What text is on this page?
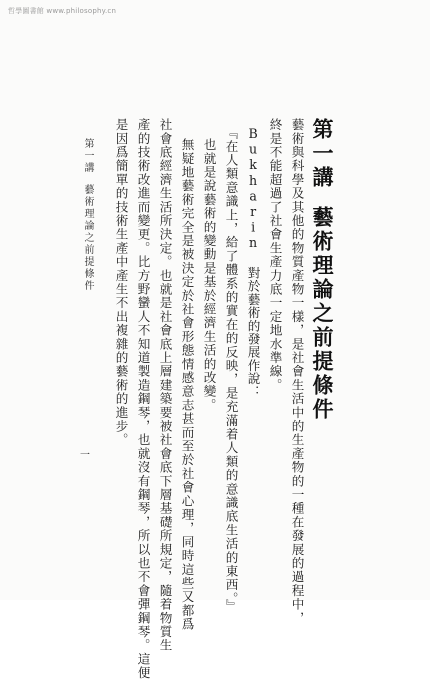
哲學圖書館 www.philosophy.cn
第一講藝術理論之前提條件
藝術與科學及其他的物質產物一樣，是社會生活中的生產物的一種在發展的過程中，
終是不能超過了社會生產力底一定地水準線。
Bukharin 對於藝術的發展作說：
『在人類意識上，給了體系的實在的反映，是充滿着人類的意識底生活的東西。』
也就是說藝術的變動是基於經濟生活的改變。
無疑地藝術完全是被決定於社會形態情感意志甚而至於社會心理，同時這些又都爲
社會底經濟生活所決定。也就是社會底上層建築要被社會底下層基礎所規定，隨着物質生
產的技術改進而變更。比方野蠻人不知道製造鋼琴，也就沒有鋼琴，所以也不會彈鋼琴。這便
是因爲簡單的技術生產中產生不出複雜的藝術的進步。
第一講藝術理論之前提條件
一
